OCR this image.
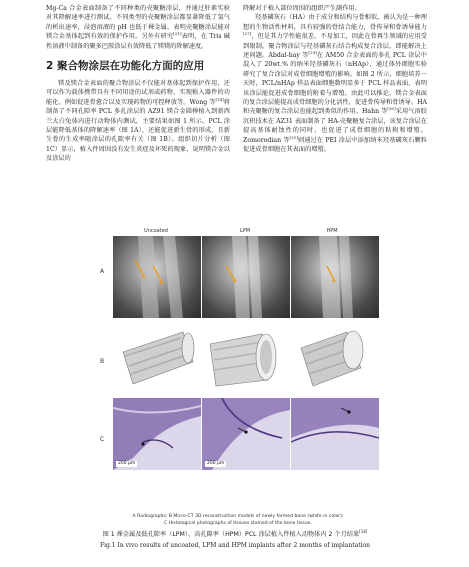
Mg-Ca 合金表面制备了不同种类的壳聚糖涂层，并通过肝素实验对其降解速率进行测试。不同类型的壳聚糖涂层都显著降低了氢气的析出速率，浸泡溶液的 pH 也低于裸金属，表明壳聚糖涂层能对镁合金基体起到有效的保护作用。另外有研究[21]表明，在 Tris 碱性溶液中制备的聚多巴胺涂层有效降低了镁镁的降解速度。

2 聚合物涂层在功能化方面的应用

镁及镁合金表面的聚合物涂层不仅能对基体起到保护作用，还可以作为载体携带具有不同用途的试剂或药物，实现植入器件的功能化。例如促进骨愈合以及实现药物的可控释放等。Wong 等[14]将制备了不同孔隙率 PCL 多孔涂层的 AZ91 镁合金圆棒植入到新西兰大白兔体内进行动物体内测试，主要结果如图 1 所示。PCL 涂层能降低基体的降解速率（图 1A），还能促进新生骨的形成，且新生骨的生成率随涂层的孔隙率有关（图 1B）。组织切片分析（图 1C）显示，植入件周围没有发生炎症及坏死的现象，说明镁合金以及涂层的

降解对于植入部位周围的组织产生副作用。

羟基磷灰石（HA）由于成分和结构与骨相似，被认为是一种理想的生物活性材料，具有较强的骨结合能力，骨传导和骨诱导能力[27]，但是其力学性能很差，不易加工，因此在骨再生领域的应用受到限制。聚合物涂层与羟基磷灰石结合构成复合涂层，即能解决上述问题。Abdal-hay 等[29]在 AM50 合金表面的多孔 PCL 涂层中混入了 20wt.% 的纳米羟基磷灰石（nHAp），通过体外细胞实验研究了复合涂层对成骨细胞增殖的影响。如图 2 所示，细胞培养一天时，PCL/nHAp 样品表面细胞数明显多于 PCL 样品表面，表明该涂层能促进成骨细胞的附着与增殖。由此可以推论，镁合金表面的复合涂层能提高成骨细胞的分化活性，促进骨传导和骨诱导。HA 和壳聚糖的复合涂层也能起到类似的作用。Hahn 等[30]采用气溶胶沉积技术在 AZ31 表面制备了 HA-壳聚糖复合涂层，该复合涂层在提高基体耐蚀性的同时，也促进了成骨细胞的粘附和增殖。Zomorodian 等[31]则通过在 PEI 涂层中添加纳米羟基磷灰石颗粒促进成骨细胞在其表面的增殖。

Uncoated	LPM	HPM
A
B
C
200 μm	200 μm
A Radiographs; B Micro-CT 3D reconstruction models of newly formed bone (white in color);
C Histological photographs of tissues stained of the bone tissue.
图 1 裸金属及低孔隙率（LPM）、高孔隙率（HPM）PCL 涂层植入件植入动物体内 2 个月结果[14]
Fig.1 In vivo results of uncoated, LPM and HPM implants after 2 months of implantation
